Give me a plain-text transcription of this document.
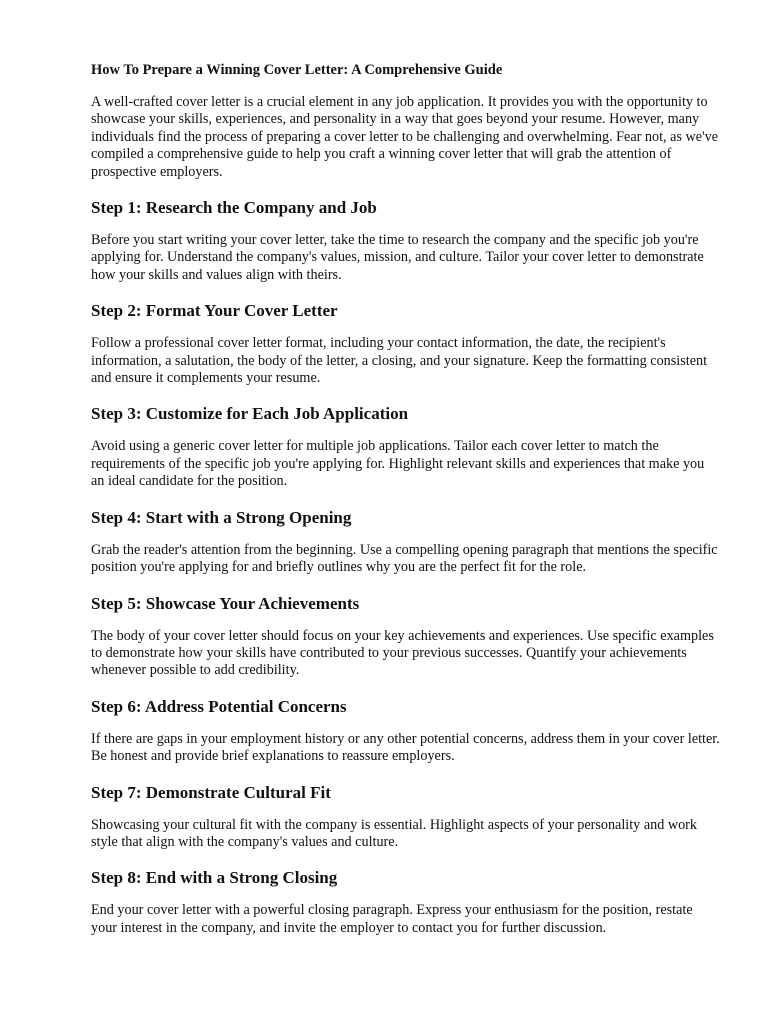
How To Prepare a Winning Cover Letter: A Comprehensive Guide

A well-crafted cover letter is a crucial element in any job application. It provides you with the opportunity to showcase your skills, experiences, and personality in a way that goes beyond your resume. However, many individuals find the process of preparing a cover letter to be challenging and overwhelming. Fear not, as we've compiled a comprehensive guide to help you craft a winning cover letter that will grab the attention of prospective employers.

Step 1: Research the Company and Job

Before you start writing your cover letter, take the time to research the company and the specific job you're applying for. Understand the company's values, mission, and culture. Tailor your cover letter to demonstrate how your skills and values align with theirs.

Step 2: Format Your Cover Letter

Follow a professional cover letter format, including your contact information, the date, the recipient's information, a salutation, the body of the letter, a closing, and your signature. Keep the formatting consistent and ensure it complements your resume.

Step 3: Customize for Each Job Application

Avoid using a generic cover letter for multiple job applications. Tailor each cover letter to match the requirements of the specific job you're applying for. Highlight relevant skills and experiences that make you an ideal candidate for the position.

Step 4: Start with a Strong Opening

Grab the reader's attention from the beginning. Use a compelling opening paragraph that mentions the specific position you're applying for and briefly outlines why you are the perfect fit for the role.

Step 5: Showcase Your Achievements

The body of your cover letter should focus on your key achievements and experiences. Use specific examples to demonstrate how your skills have contributed to your previous successes. Quantify your achievements whenever possible to add credibility.

Step 6: Address Potential Concerns

If there are gaps in your employment history or any other potential concerns, address them in your cover letter. Be honest and provide brief explanations to reassure employers.

Step 7: Demonstrate Cultural Fit

Showcasing your cultural fit with the company is essential. Highlight aspects of your personality and work style that align with the company's values and culture.

Step 8: End with a Strong Closing

End your cover letter with a powerful closing paragraph. Express your enthusiasm for the position, restate your interest in the company, and invite the employer to contact you for further discussion.
